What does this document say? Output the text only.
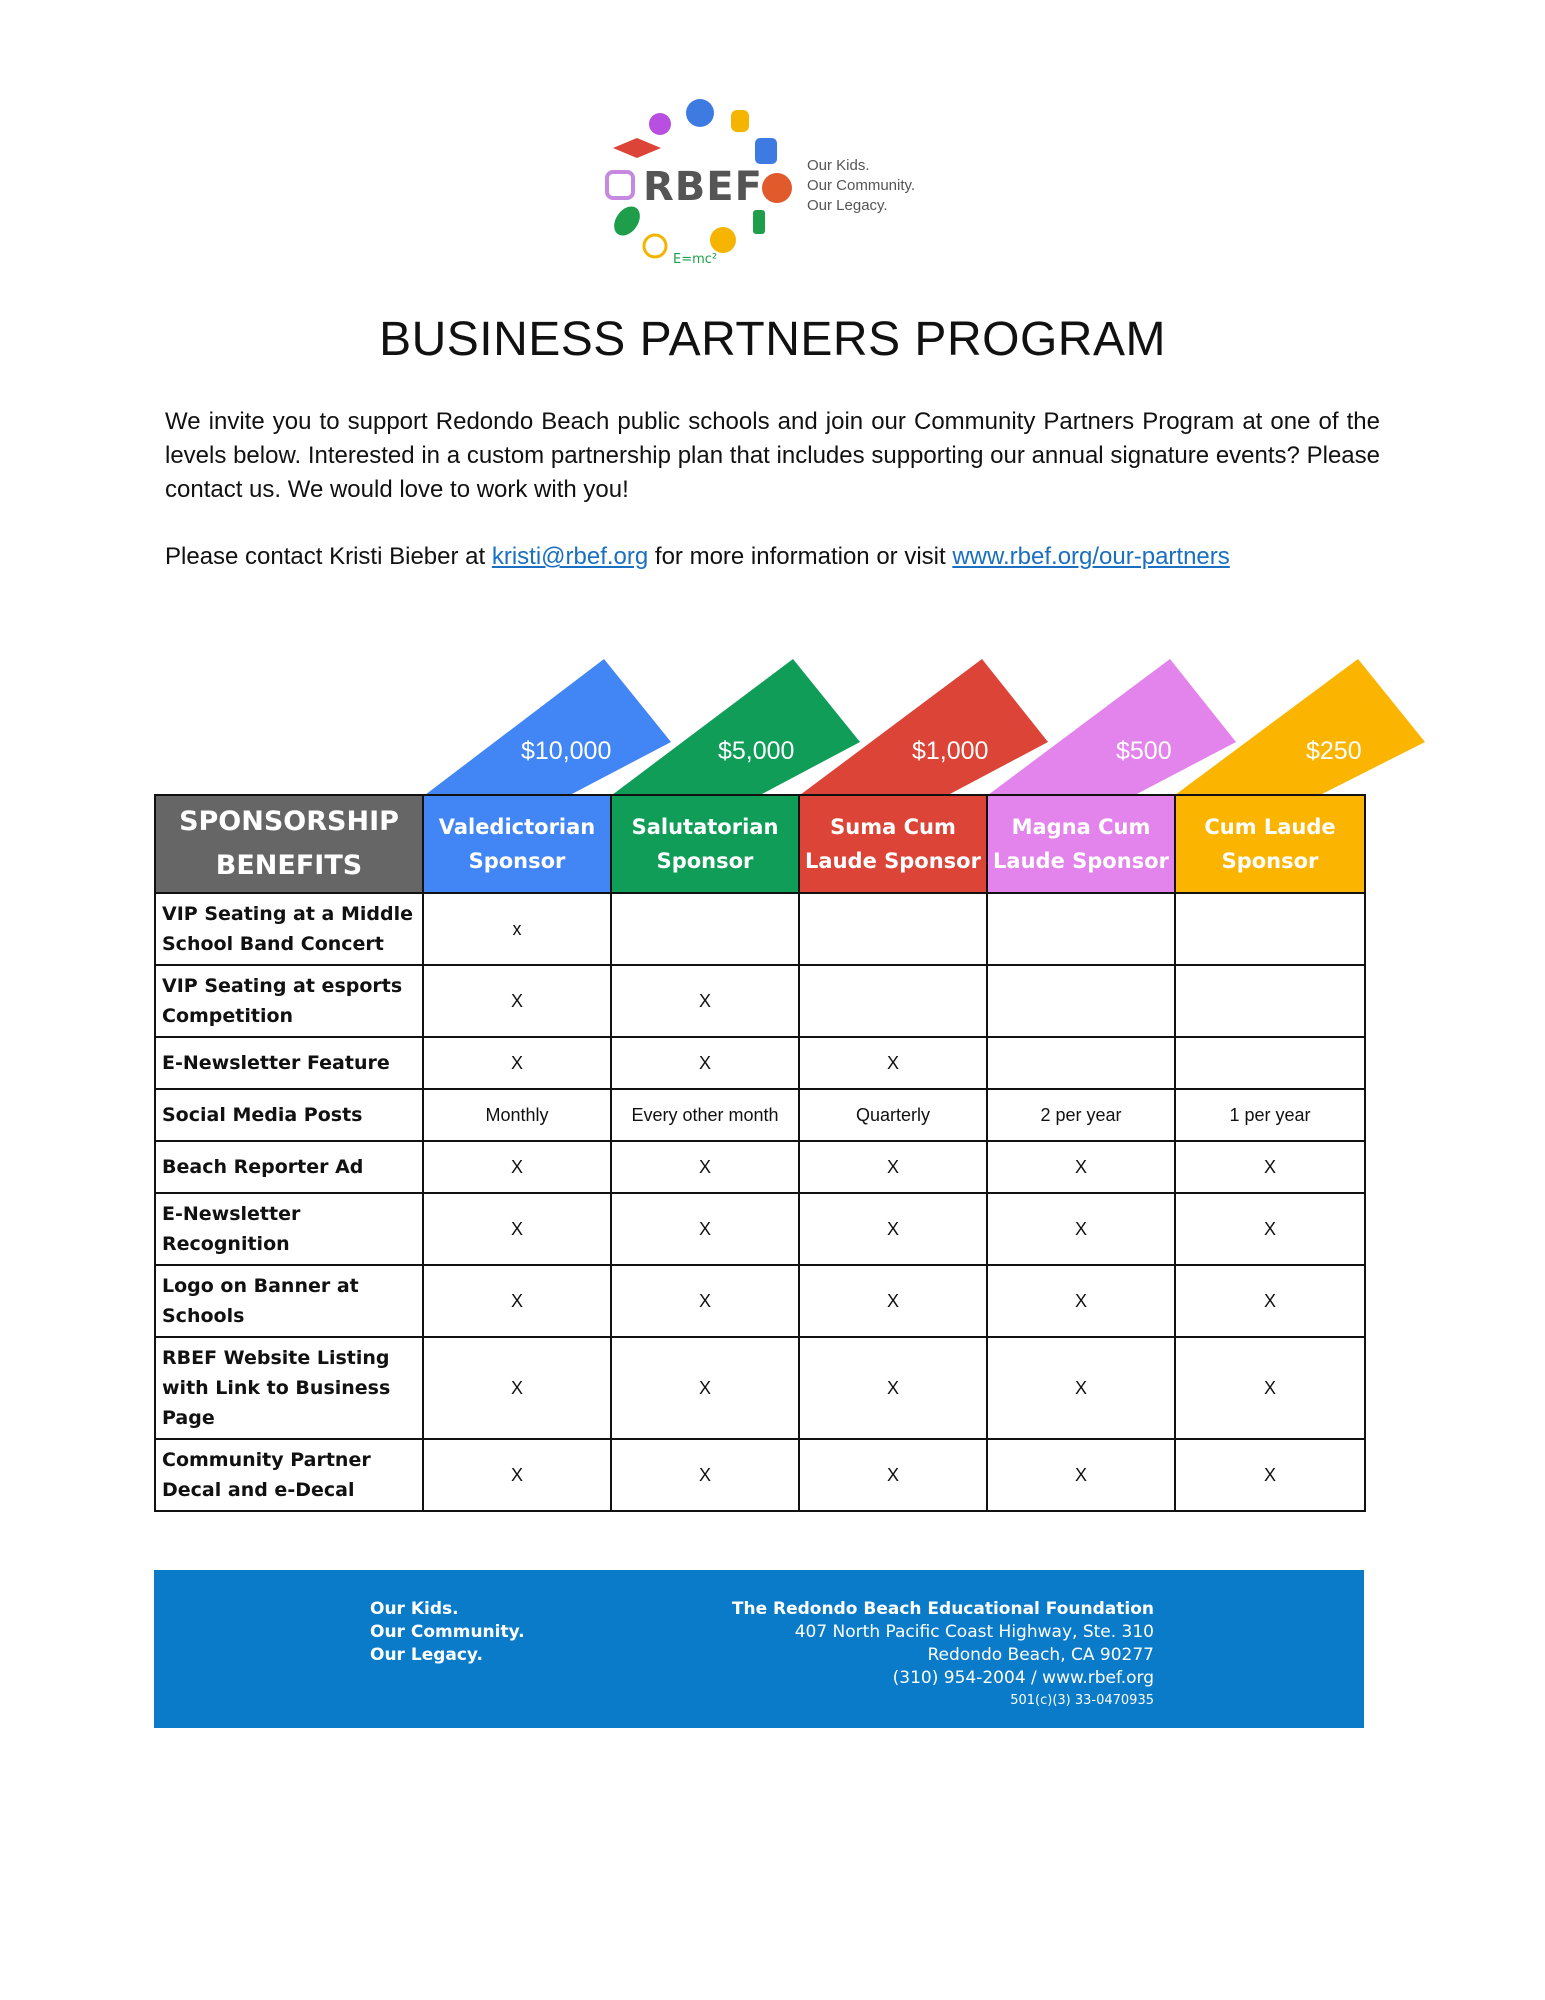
E=mc²
RBEF	Our Kids.
Our Community.
Our Legacy.
BUSINESS PARTNERS PROGRAM

We invite you to support Redondo Beach public schools and join our Community Partners Program at one of the levels below. Interested in a custom partnership plan that includes supporting our annual signature events? Please contact us. We would love to work with you!

Please contact Kristi Bieber at kristi@rbef.org for more information or visit www.rbef.org/our-partners
$10,000	$5,000	$1,000	$500	$250
SPONSORSHIP BENEFITS	Valedictorian Sponsor	Salutatorian Sponsor	Suma Cum Laude Sponsor	Magna Cum Laude Sponsor	Cum Laude Sponsor
VIP Seating at a Middle School Band Concert	x				
VIP Seating at esports Competition	X	X			
E-Newsletter Feature	X	X	X		
Social Media Posts	Monthly	Every other month	Quarterly	2 per year	1 per year
Beach Reporter Ad	X	X	X	X	X
E-Newsletter Recognition	X	X	X	X	X
Logo on Banner at Schools	X	X	X	X	X
RBEF Website Listing with Link to Business Page	X	X	X	X	X
Community Partner Decal and e-Decal	X	X	X	X	X
Our Kids.
Our Community.
Our Legacy.
The Redondo Beach Educational Foundation
407 North Pacific Coast Highway, Ste. 310
Redondo Beach, CA 90277
(310) 954-2004 / www.rbef.org
501(c)(3) 33-0470935
